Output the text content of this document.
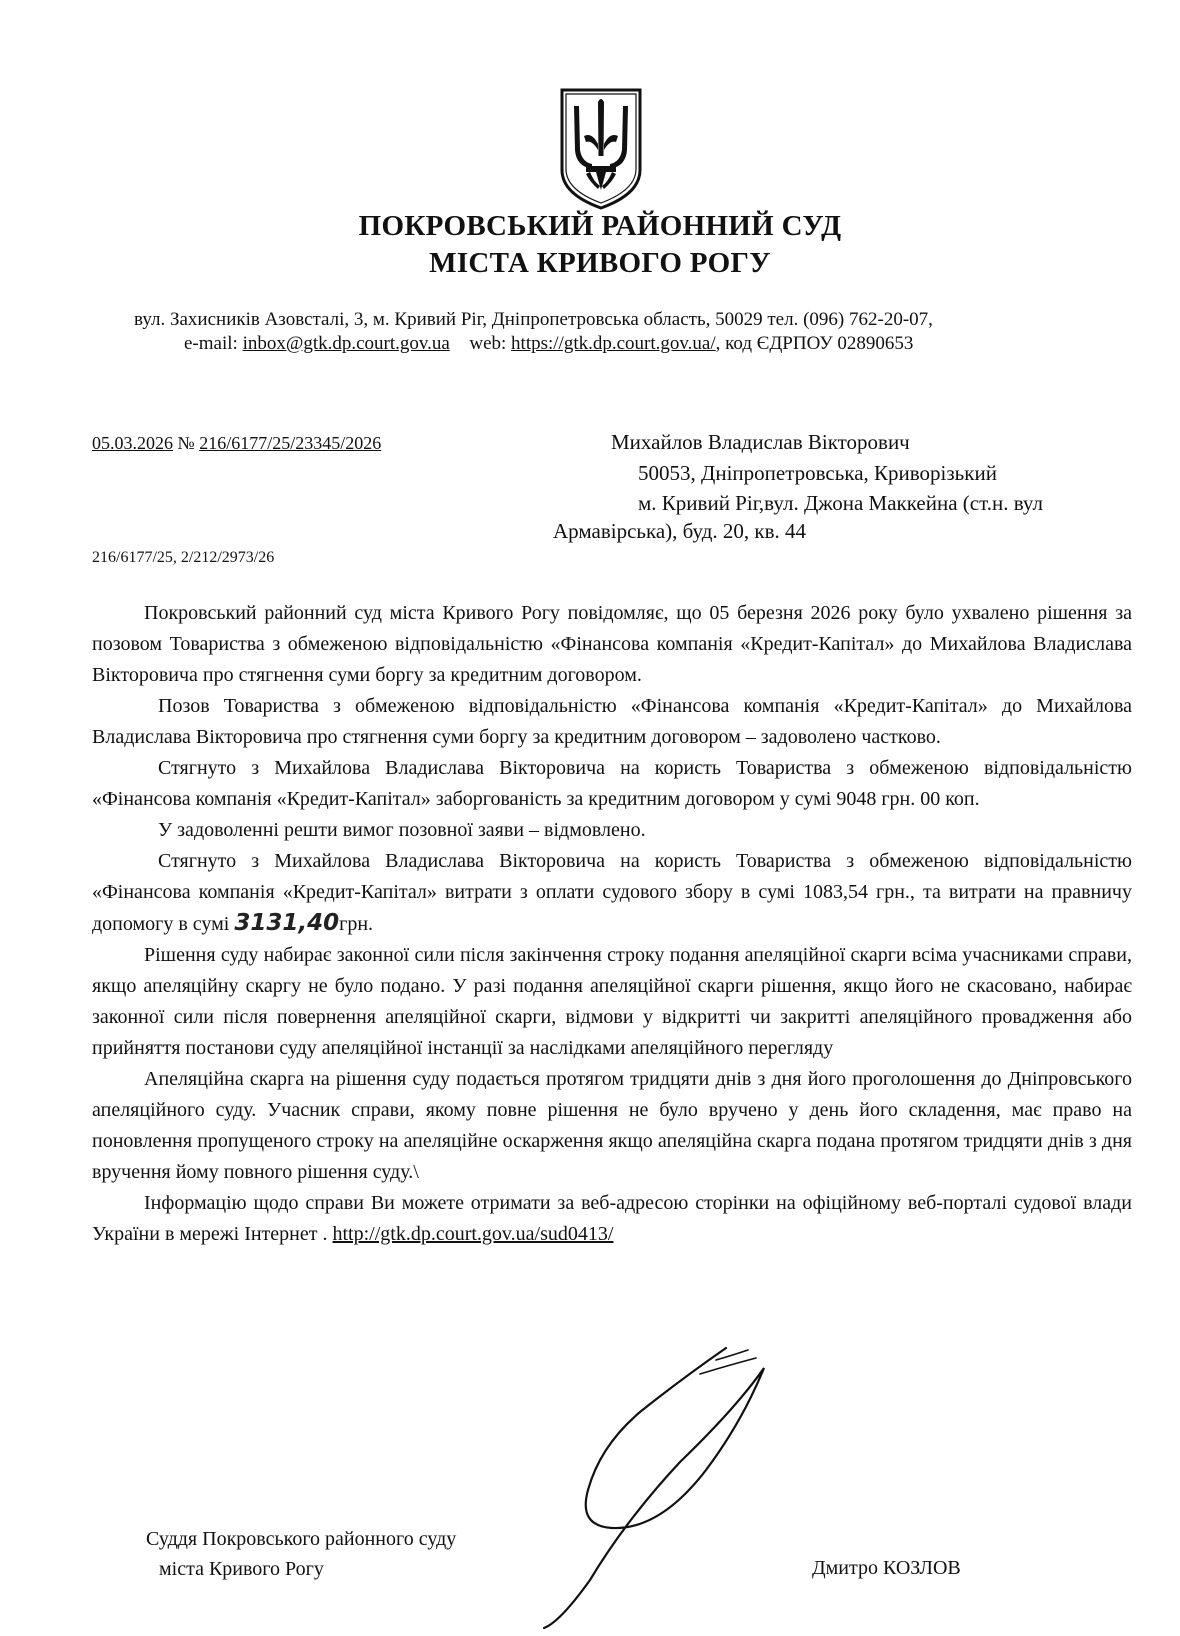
ПОКРОВСЬКИЙ РАЙОННИЙ СУД
МІСТА КРИВОГО РОГУ
вул. Захисників Азовсталі, 3, м. Кривий Ріг, Дніпропетровська область, 50029 тел. (096) 762-20-07,
e-mail: inbox@gtk.dp.court.gov.ua web: https://gtk.dp.court.gov.ua/, код ЄДРПОУ 02890653
05.03.2026 № 216/6177/25/23345/2026
216/6177/25, 2/212/2973/26
Михайлов Владислав Вікторович
50053, Дніпропетровська, Криворізький
м. Кривий Ріг,вул. Джона Маккейна (ст.н. вул
Армавірська), буд. 20, кв. 44

Покровський районний суд міста Кривого Рогу повідомляє, що 05 березня 2026 року було ухвалено рішення за позовом Товариства з обмеженою відповідальністю «Фінансова компанія «Кредит-Капітал» до Михайлова Владислава Вікторовича про стягнення суми боргу за кредитним договором.

Позов Товариства з обмеженою відповідальністю «Фінансова компанія «Кредит-Капітал» до Михайлова Владислава Вікторовича про стягнення суми боргу за кредитним договором – задоволено частково.

Стягнуто з Михайлова Владислава Вікторовича на користь Товариства з обмеженою відповідальністю «Фінансова компанія «Кредит-Капітал» заборгованість за кредитним договором у сумі 9048 грн. 00 коп.

У задоволенні решти вимог позовної заяви – відмовлено.

Стягнуто з Михайлова Владислава Вікторовича на користь Товариства з обмеженою відповідальністю «Фінансова компанія «Кредит-Капітал» витрати з оплати судового збору в сумі 1083,54 грн., та витрати на правничу допомогу в сумі 3131,40грн.

Рішення суду набирає законної сили після закінчення строку подання апеляційної скарги всіма учасниками справи, якщо апеляційну скаргу не було подано. У разі подання апеляційної скарги рішення, якщо його не скасовано, набирає законної сили після повернення апеляційної скарги, відмови у відкритті чи закритті апеляційного провадження або прийняття постанови суду апеляційної інстанції за наслідками апеляційного перегляду

Апеляційна скарга на рішення суду подається протягом тридцяти днів з дня його проголошення до Дніпровського апеляційного суду. Учасник справи, якому повне рішення не було вручено у день його складення, має право на поновлення пропущеного строку на апеляційне оскарження якщо апеляційна скарга подана протягом тридцяти днів з дня вручення йому повного рішення суду.\

Інформацію щодо справи Ви можете отримати за веб-адресою сторінки на офіційному веб-порталі судової влади України в мережі Інтернет . http://gtk.dp.court.gov.ua/sud0413/

Суддя Покровського районного суду
міста Кривого Рогу	Дмитро КОЗЛОВ
